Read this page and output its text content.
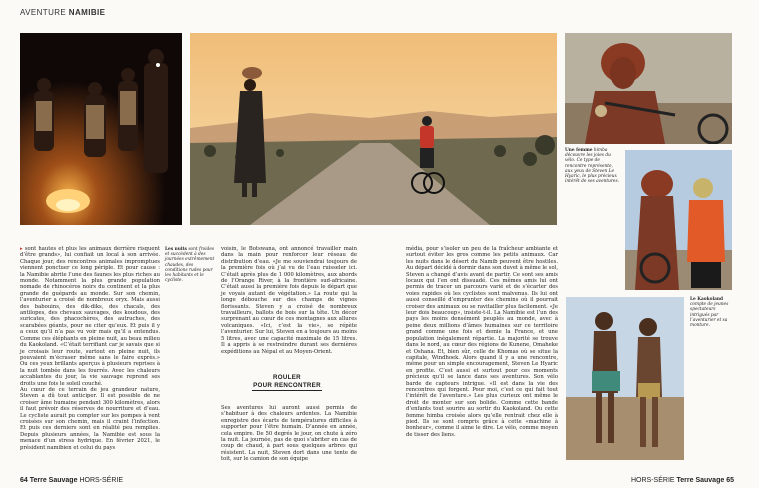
AVENTURE NAMIBIE
Une femme himba découvre les joies du vélo. Ce type de rencontre représente, aux yeux de Steven Le Hyaric, le plus précieux intérêt de ses aventures.
Le Kaokoland compte de jeunes spectateurs intrigués par l’aventurier et sa monture.
Les nuits sont froides et succèdent à des journées extrêmement chaudes, des conditions rudes pour les habitants et le cycliste.

▸ sont hautes et plus les animaux derrière risquent d’être grands», lui confiait un local à son arrivée. Chaque jour, des rencontres animales impromptues viennent ponctuer ce long périple. Et pour cause : la Namibie abrite l’une des faunes les plus riches au monde. Notamment la plus grande population nomade de rhinocéros noirs du continent et la plus grande de guépards au monde. Sur son chemin, l’aventurier a croisé de nombreux oryx. Mais aussi des babouins, des dik-diks, des chacals, des antilopes, des chevaux sauvages, des koudous, des suricates, des phacochères, des autruches, des scarabées géants, pour ne citer qu’eux. Et puis il y a ceux qu’il n’a pas vu voir mais qu’il a entendus. Comme ces éléphants en pleine nuit, au beau milieu du Kaokoland. «C’était terrifiant car je savais que si je croisais leur route, surtout en pleine nuit, ils pouvaient m’écraser même sans le faire exprès.» Ou ces yeux brillants aperçus à plusieurs reprises à la nuit tombée dans les fourrés. Avec les chaleurs accablantes du jour, la vie sauvage reprend ses droits une fois le soleil couché.

Au cœur de ce terrain de jeu grandeur nature, Steven a dû tout anticiper. Il est possible de ne croiser âme humaine pendant 300 kilomètres, alors il faut prévoir des réserves de nourriture et d’eau. Le cycliste aurait pu compter sur les pompes à vent croisées sur son chemin, mais il craint l’infection. Et puis ces derniers sont en réalité peu remplies. Depuis plusieurs années, la Namibie est sous la menace d’un stress hydrique. En février 2021, le président namibien et celui du pays

voisin, le Botswana, ont annoncé travailler main dans la main pour renforcer leur réseau de distribution d’eau. «Je me souviendrai toujours de la première fois où j’ai vu de l’eau ruisseler ici. C’était après plus de 1 000 kilomètres, aux abords de l’Orange River, à la frontière sud-africaine. C’était aussi la première fois depuis le départ que je voyais autant de végétation.» La route qui la longe débouche sur des champs de vignes florissants. Steven y a croisé de nombreux travailleurs, ballots de bois sur la tête. Un décor surprenant au cœur de ces montagnes aux allures volcaniques. «Ici, c’est la vie», se répète l’aventurier. Sur lui, Steven en a toujours au moins 5 litres, avec une capacité maximale de 15 litres. Il a appris à se restreindre durant ses dernières expéditions au Népal et au Moyen-Orient.

ROULER
POUR RENCONTRER

Ses aventures lui auront aussi permis de s’habituer à des chaleurs ardentes. La Namibie enregistre des écarts de températures difficiles à supporter pour l’être humain. D’année en année, cela empire. De 50 degrés le jour, on chute à zéro la nuit. La journée, pas de quoi s’abriter en cas de coup de chaud, à part sous quelques arbres qui résistent. La nuit, Steven dort dans une tente de toit, sur le camion de son équipe

média, pour s’isoler un peu de la fraîcheur ambiante et surtout éviter les gros comme les petits animaux. Car les nuits dans le désert du Namib peuvent être hostiles. Au départ décidé à dormir dans son duvet à même le sol, Steven a changé d’avis avant de partir. Ce sont ses amis locaux qui l’en ont dissuadé. Ces mêmes amis lui ont permis de tracer un parcours varié et de s’écarter des voies rapides où les cyclistes sont malvenus. Ils lui ont aussi conseillé d’emprunter des chemins où il pourrait croiser des animaux ou se ravitailler plus facilement. «Je leur dois beaucoup», insiste-t-il. La Namibie est l’un des pays les moins densément peuplés au monde, avec à peine deux millions d’âmes humaines sur ce territoire grand comme une fois et demie la France, et une population inégalement répartie. La majorité se trouve dans le nord, au cœur des régions de Kunene, Omaheke et Oshana. Et, bien sûr, celle de Khomas où se situe la capitale, Windhoek. Alors quand il y a une rencontre, même pour un simple encouragement, Steven Le Hyaric en profite. C’est aussi et surtout pour ces moments précieux qu’il se lance dans ses aventures. Son vélo barde de capteurs intrigue. «Il est dans la vie des rencontres qui forgent. Pour moi, c’est ce qui fait tout l’intérêt de l’aventure.» Les plus curieux ont même le droit de monter sur son bolide. Comme cette bande d’enfants tout sourire au sortir du Kaokoland. Ou cette femme himba croisée alors qu’elle rentrait chez elle à pied. Ils se sont compris grâce à cette «machine à bonheur», comme il aime le dire. Le vélo, comme moyen de tisser des liens.

64 Terre Sauvage HORS-SÉRIE	HORS-SÉRIE Terre Sauvage 65
